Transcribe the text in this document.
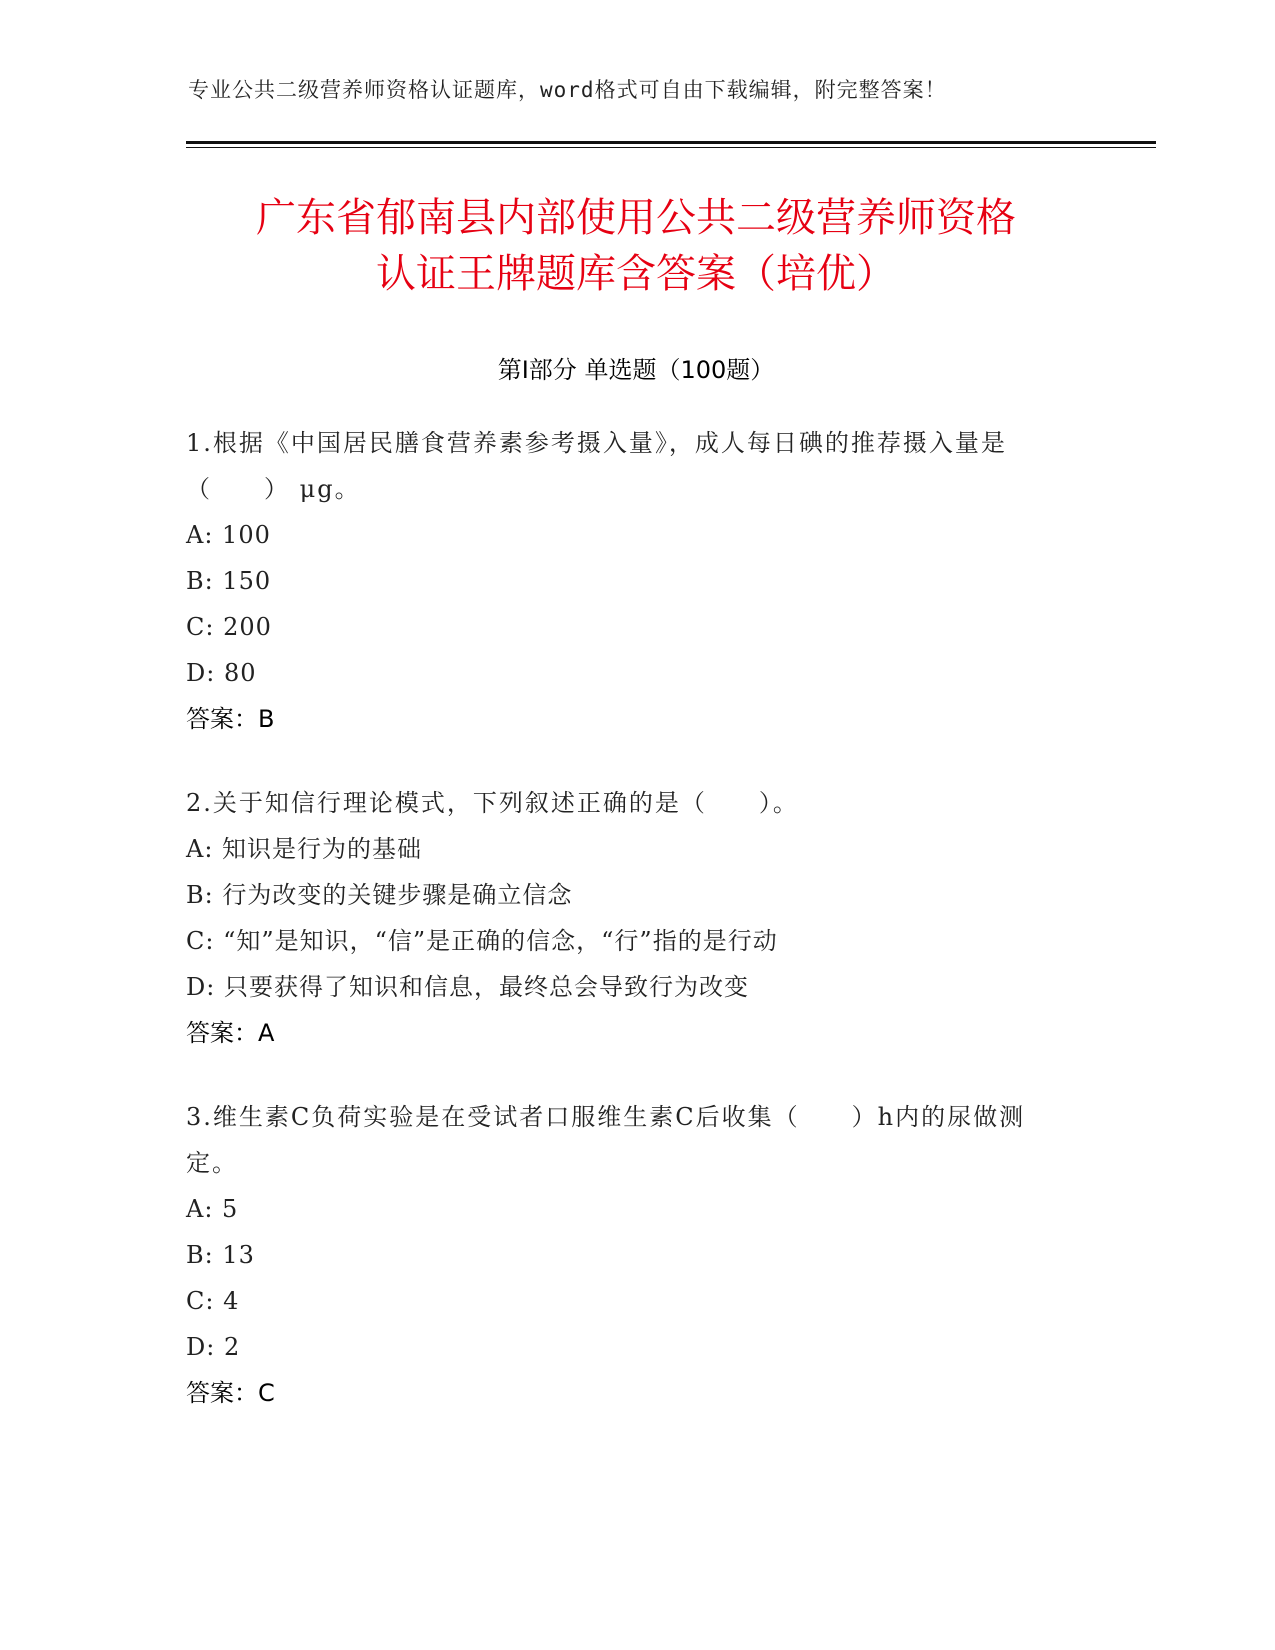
专业公共二级营养师资格认证题库，word格式可自由下载编辑，附完整答案！
广东省郁南县内部使用公共二级营养师资格
认证王牌题库含答案（培优）
第Ⅰ部分 单选题（100题）

1.根据《中国居民膳食营养素参考摄入量》，成人每日碘的推荐摄入量是（　　） μg。

A: 100

B: 150

C: 200

D: 80

答案：B

2.关于知信行理论模式，下列叙述正确的是（　　）。

A: 知识是行为的基础

B: 行为改变的关键步骤是确立信念

C: “知”是知识，“信”是正确的信念，“行”指的是行动

D: 只要获得了知识和信息，最终总会导致行为改变

答案：A

3.维生素C负荷实验是在受试者口服维生素C后收集（　　）h内的尿做测定。

A: 5

B: 13

C: 4

D: 2

答案：C
